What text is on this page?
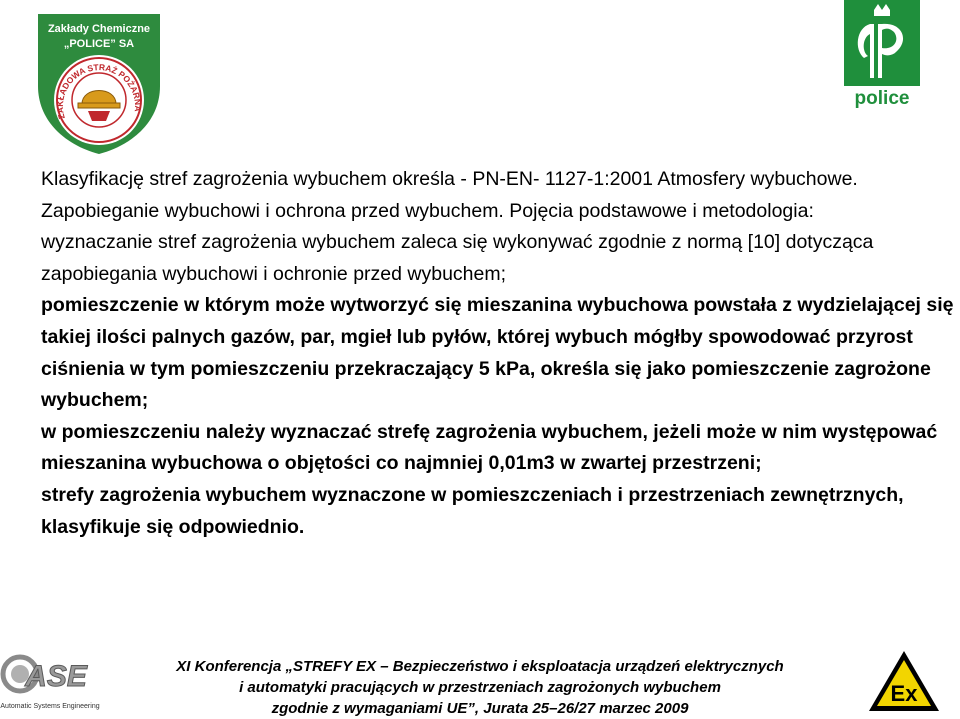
Zakłady Chemiczne
„POLICE” SA
ZAKŁADOWA STRAŻ POŻARNA	police

Klasyfikację stref zagrożenia wybuchem określa - PN-EN- 1127-1:2001 Atmosfery wybuchowe. Zapobieganie wybuchowi i ochrona przed wybuchem. Pojęcia podstawowe i metodologia:

wyznaczanie stref zagrożenia wybuchem zaleca się wykonywać zgodnie z normą [10] dotycząca zapobiegania wybuchowi i ochronie przed wybuchem;

pomieszczenie w którym może wytworzyć się mieszanina wybuchowa powstała z wydzielającej się takiej ilości palnych gazów, par, mgieł lub pyłów, której wybuch mógłby spowodować przyrost ciśnienia w tym pomieszczeniu przekraczający 5 kPa, określa się jako pomieszczenie zagrożone wybuchem;

w pomieszczeniu należy wyznaczać strefę zagrożenia wybuchem, jeżeli może w nim występować mieszanina wybuchowa o objętości co najmniej 0,01m3 w zwartej przestrzeni;

strefy zagrożenia wybuchem wyznaczone w pomieszczeniach i przestrzeniach zewnętrznych, klasyfikuje się odpowiednio.

ASE
Automatic Systems Engineering
XI Konferencja „STREFY EX – Bezpieczeństwo i eksploatacja urządzeń elektrycznych
i automatyki pracujących w przestrzeniach zagrożonych wybuchem
zgodnie z wymaganiami UE”, Jurata 25–26/27 marzec 2009
Ex
